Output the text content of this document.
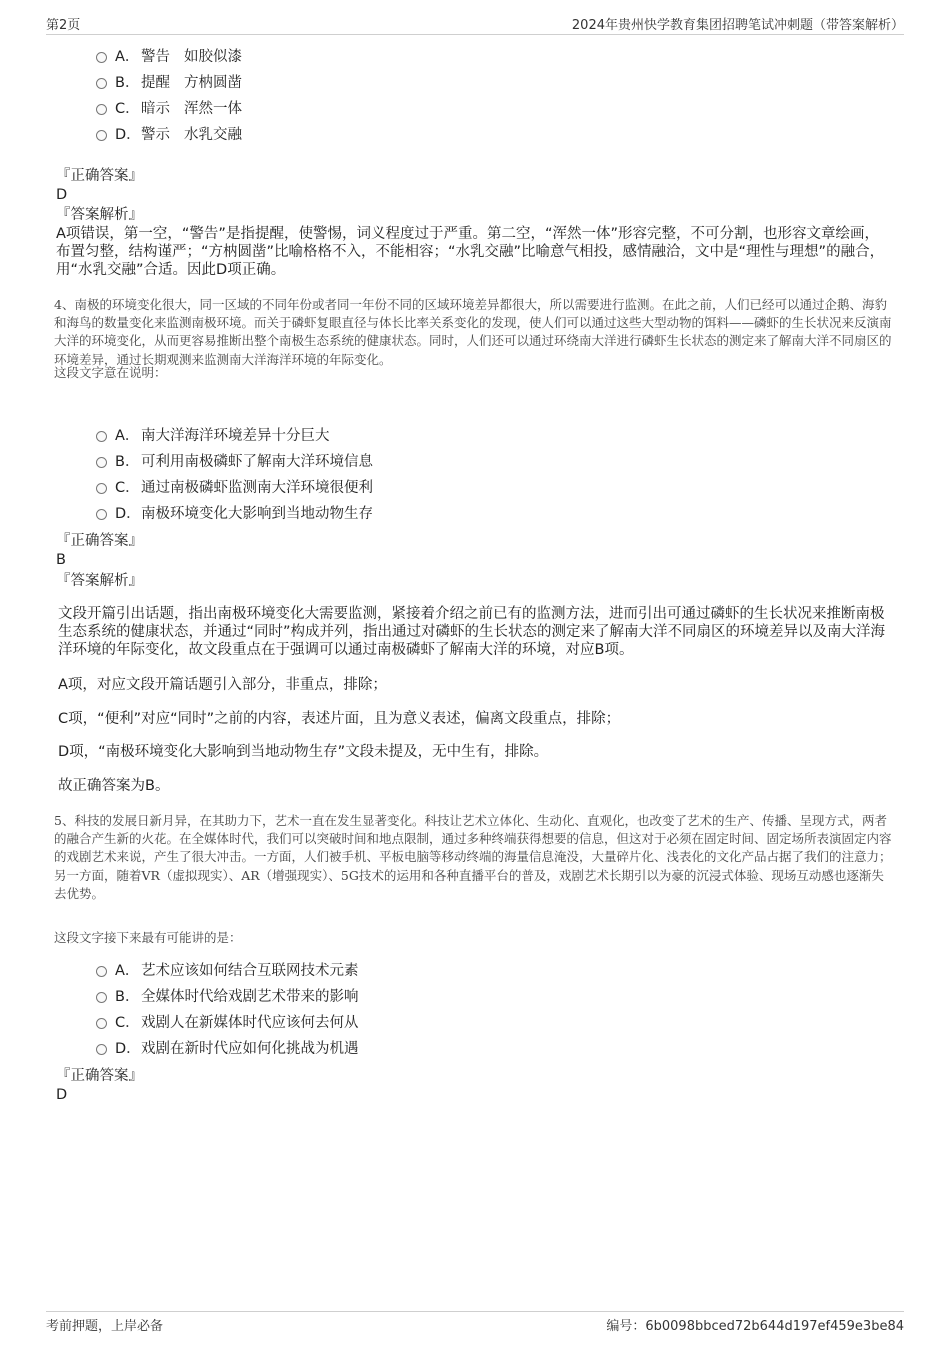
第2页	2024年贵州快学教育集团招聘笔试冲刺题（带答案解析）
A． 警告 如胶似漆
B． 提醒 方枘圆凿
C．暗示 浑然一体
D．警示 水乳交融
『正确答案』
D
『答案解析』
A项错误，第一空，“警告”是指提醒，使警惕，词义程度过于严重。第二空，“浑然一体”形容完整，不可分割，也形容文章绘画，布置匀整，结构谨严；“方枘圆凿”比喻格格不入，不能相容；“水乳交融”比喻意气相投，感情融洽，文中是“理性与理想”的融合，用“水乳交融”合适。因此D项正确。
4、南极的环境变化很大，同一区域的不同年份或者同一年份不同的区域环境差异都很大，所以需要进行监测。在此之前，人们已经可以通过企鹅、海豹和海鸟的数量变化来监测南极环境。而关于磷虾复眼直径与体长比率关系变化的发现，使人们可以通过这些大型动物的饵料——磷虾的生长状况来反演南大洋的环境变化，从而更容易推断出整个南极生态系统的健康状态。同时，人们还可以通过环绕南大洋进行磷虾生长状态的测定来了解南大洋不同扇区的环境差异，通过长期观测来监测南大洋海洋环境的年际变化。
这段文字意在说明：
A． 南大洋海洋环境差异十分巨大
B． 可利用南极磷虾了解南大洋环境信息
C．通过南极磷虾监测南大洋环境很便利
D．南极环境变化大影响到当地动物生存
『正确答案』
B
『答案解析』
文段开篇引出话题，指出南极环境变化大需要监测，紧接着介绍之前已有的监测方法，进而引出可通过磷虾的生长状况来推断南极生态系统的健康状态，并通过“同时”构成并列，指出通过对磷虾的生长状态的测定来了解南大洋不同扇区的环境差异以及南大洋海洋环境的年际变化，故文段重点在于强调可以通过南极磷虾了解南大洋的环境，对应B项。
A项，对应文段开篇话题引入部分，非重点，排除；
C项，“便利”对应“同时”之前的内容，表述片面，且为意义表述，偏离文段重点，排除；
D项，“南极环境变化大影响到当地动物生存”文段未提及，无中生有，排除。
故正确答案为B。
5、科技的发展日新月异，在其助力下，艺术一直在发生显著变化。科技让艺术立体化、生动化、直观化，也改变了艺术的生产、传播、呈现方式，两者的融合产生新的火花。在全媒体时代，我们可以突破时间和地点限制，通过多种终端获得想要的信息，但这对于必须在固定时间、固定场所表演固定内容的戏剧艺术来说，产生了很大冲击。一方面，人们被手机、平板电脑等移动终端的海量信息淹没，大量碎片化、浅表化的文化产品占据了我们的注意力；另一方面，随着VR（虚拟现实）、AR（增强现实）、5G技术的运用和各种直播平台的普及，戏剧艺术长期引以为豪的沉浸式体验、现场互动感也逐渐失去优势。
这段文字接下来最有可能讲的是：
A． 艺术应该如何结合互联网技术元素
B． 全媒体时代给戏剧艺术带来的影响
C．戏剧人在新媒体时代应该何去何从
D．戏剧在新时代应如何化挑战为机遇
『正确答案』
D
考前押题，上岸必备	编号：6b0098bbced72b644d197ef459e3be84
